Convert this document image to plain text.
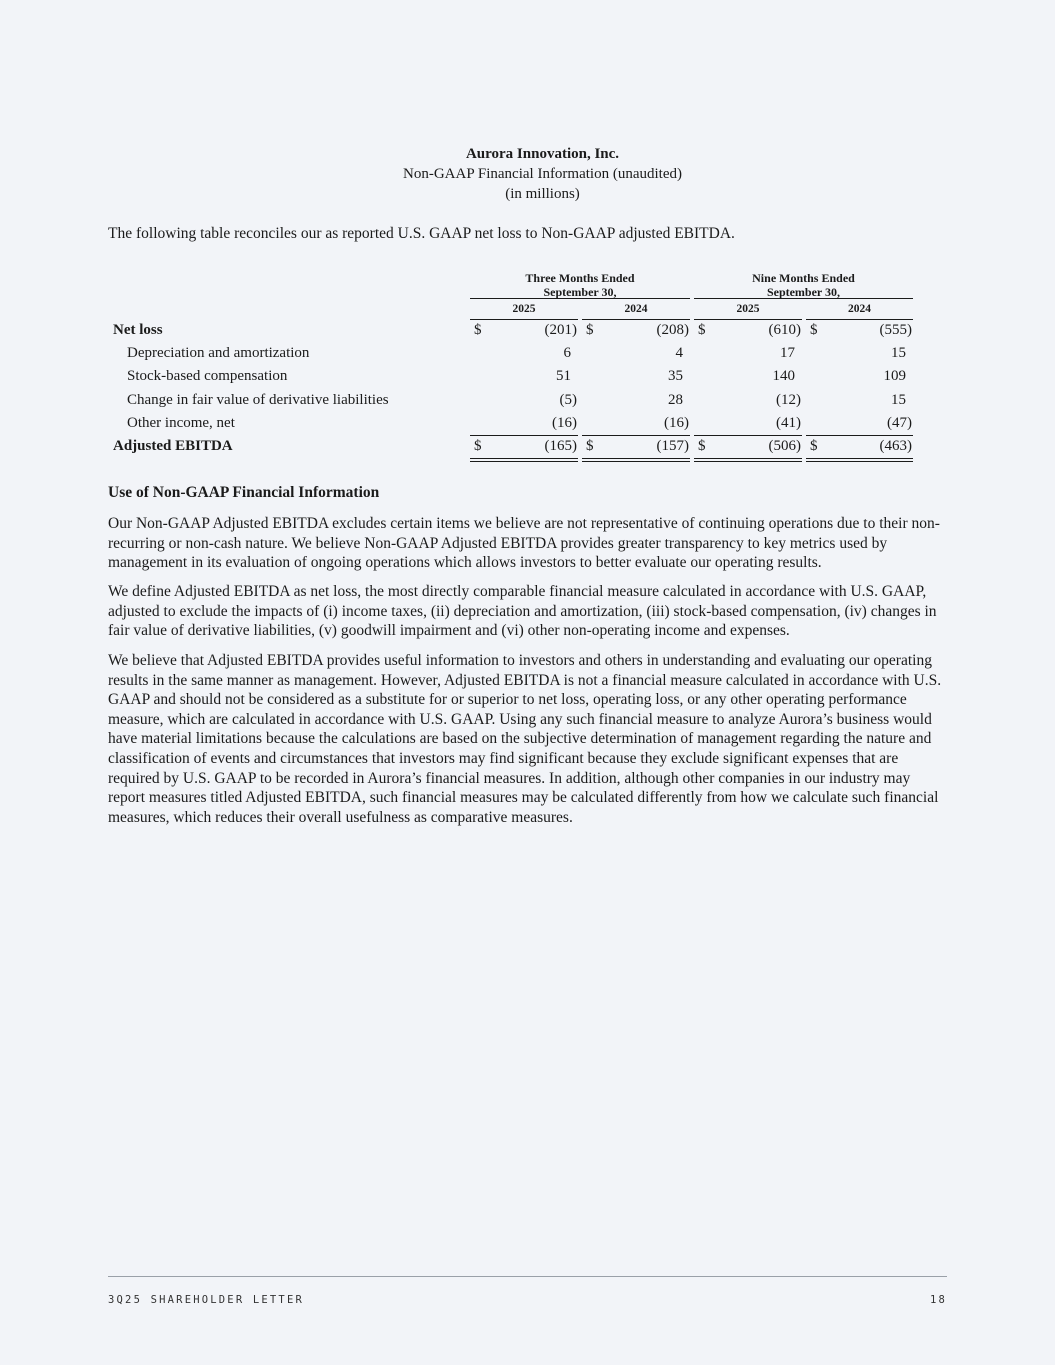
Aurora Innovation, Inc.
Non-GAAP Financial Information (unaudited)
(in millions)
The following table reconciles our as reported U.S. GAAP net loss to Non-GAAP adjusted EBITDA.
Three Months Ended
September 30,
Nine Months Ended
September 30,
2025	2024	2025	2024
Net loss	$	(201) $	(208) $	(610) $	(555)
Depreciation and amortization	6	4	17	15
Stock-based compensation	51	35	140	109
Change in fair value of derivative liabilities	(5)	28	(12)	15
Other income, net	(16)	(16)	(41)	(47)
Adjusted EBITDA	$	(165) $	(157) $	(506) $	(463)
Use of Non-GAAP Financial Information
Our Non-GAAP Adjusted EBITDA excludes certain items we believe are not representative of continuing operations due to their non-recurring or non-cash nature. We believe Non-GAAP Adjusted EBITDA provides greater transparency to key metrics used by management in its evaluation of ongoing operations which allows investors to better evaluate our operating results.
We define Adjusted EBITDA as net loss, the most directly comparable financial measure calculated in accordance with U.S. GAAP, adjusted to exclude the impacts of (i) income taxes, (ii) depreciation and amortization, (iii) stock-based compensation, (iv) changes in fair value of derivative liabilities, (v) goodwill impairment and (vi) other non-operating income and expenses.
We believe that Adjusted EBITDA provides useful information to investors and others in understanding and evaluating our operating results in the same manner as management. However, Adjusted EBITDA is not a financial measure calculated in accordance with U.S. GAAP and should not be considered as a substitute for or superior to net loss, operating loss, or any other operating performance measure, which are calculated in accordance with U.S. GAAP. Using any such financial measure to analyze Aurora’s business would have material limitations because the calculations are based on the subjective determination of management regarding the nature and classification of events and circumstances that investors may find significant because they exclude significant expenses that are required by U.S. GAAP to be recorded in Aurora’s financial measures. In addition, although other companies in our industry may report measures titled Adjusted EBITDA, such financial measures may be calculated differently from how we calculate such financial measures, which reduces their overall usefulness as comparative measures.
3Q25 SHAREHOLDER LETTER	18
